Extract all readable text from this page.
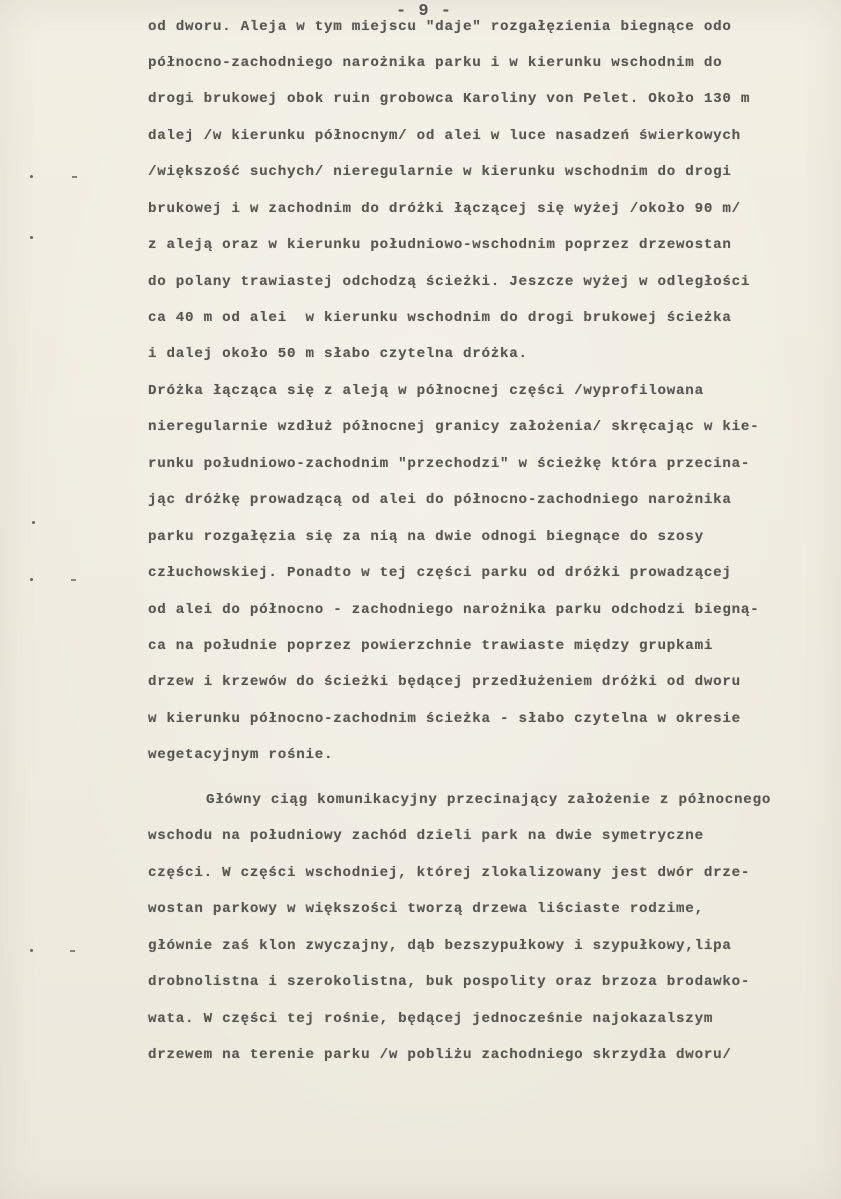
- 9 -
od dworu. Aleja w tym miejscu "daje" rozgałęzienia biegnące odo
północno-zachodniego narożnika parku i w kierunku wschodnim do
drogi brukowej obok ruin grobowca Karoliny von Pelet. Około 130 m
dalej /w kierunku północnym/ od alei w luce nasadzeń świerkowych
/większość suchych/ nieregularnie w kierunku wschodnim do drogi
brukowej i w zachodnim do dróżki łączącej się wyżej /około 90 m/
z aleją oraz w kierunku południowo-wschodnim poprzez drzewostan
do polany trawiastej odchodzą ścieżki. Jeszcze wyżej w odległości
ca 40 m od alei  w kierunku wschodnim do drogi brukowej ścieżka
i dalej około 50 m słabo czytelna dróżka.
Dróżka łącząca się z aleją w północnej części /wyprofilowana
nieregularnie wzdłuż północnej granicy założenia/ skręcając w kie-
runku południowo-zachodnim "przechodzi" w ścieżkę która przecina-
jąc dróżkę prowadzącą od alei do północno-zachodniego narożnika
parku rozgałęzia się za nią na dwie odnogi biegnące do szosy
człuchowskiej. Ponadto w tej części parku od dróżki prowadzącej
od alei do północno - zachodniego narożnika parku odchodzi biegną-
ca na południe poprzez powierzchnie trawiaste między grupkami
drzew i krzewów do ścieżki będącej przedłużeniem dróżki od dworu
w kierunku północno-zachodnim ścieżka - słabo czytelna w okresie
wegetacyjnym rośnie.
Główny ciąg komunikacyjny przecinający założenie z północnego
wschodu na południowy zachód dzieli park na dwie symetryczne
części. W części wschodniej, której zlokalizowany jest dwór drze-
wostan parkowy w większości tworzą drzewa liściaste rodzime,
głównie zaś klon zwyczajny, dąb bezszypułkowy i szypułkowy,lipa
drobnolistna i szerokolistna, buk pospolity oraz brzoza brodawko-
wata. W części tej rośnie, będącej jednocześnie najokazalszym
drzewem na terenie parku /w pobliżu zachodniego skrzydła dworu/
